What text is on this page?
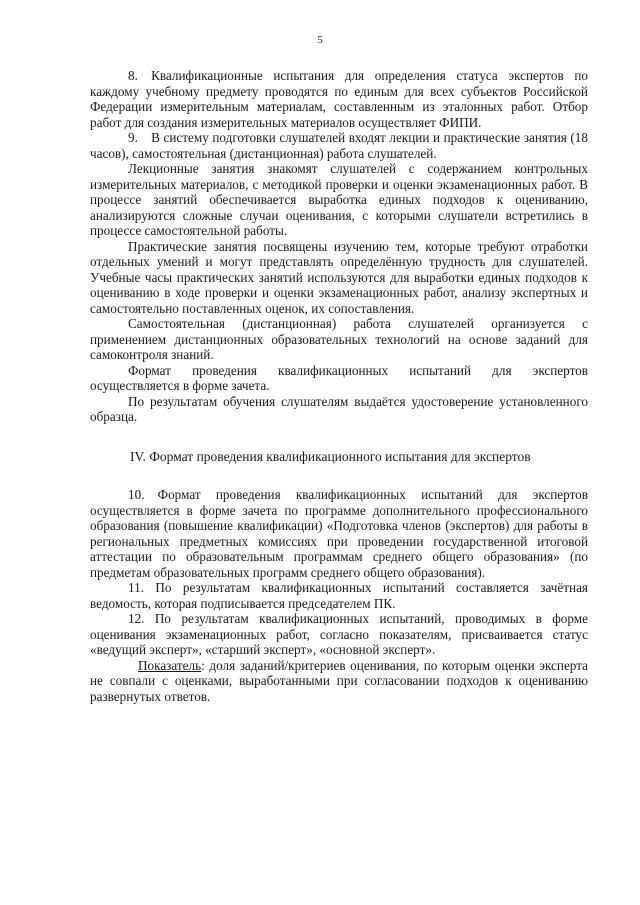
5

8. Квалификационные испытания для определения статуса экспертов по каждому учебному предмету проводятся по единым для всех субъектов Российской Федерации измерительным материалам, составленным из эталонных работ. Отбор работ для создания измерительных материалов осуществляет ФИПИ.

9. В систему подготовки слушателей входят лекции и практические занятия (18 часов), самостоятельная (дистанционная) работа слушателей.

Лекционные занятия знакомят слушателей с содержанием контрольных измерительных материалов, с методикой проверки и оценки экзаменационных работ. В процессе занятий обеспечивается выработка единых подходов к оцениванию, анализируются сложные случаи оценивания, с которыми слушатели встретились в процессе самостоятельной работы.

Практические занятия посвящены изучению тем, которые требуют отработки отдельных умений и могут представлять определённую трудность для слушателей. Учебные часы практических занятий используются для выработки единых подходов к оцениванию в ходе проверки и оценки экзаменационных работ, анализу экспертных и самостоятельно поставленных оценок, их сопоставления.

Самостоятельная (дистанционная) работа слушателей организуется с применением дистанционных образовательных технологий на основе заданий для самоконтроля знаний.

Формат проведения квалификационных испытаний для экспертов осуществляется в форме зачета.

По результатам обучения слушателям выдаётся удостоверение установленного образца.

IV. Формат проведения квалификационного испытания для экспертов

10. Формат проведения квалификационных испытаний для экспертов осуществляется в форме зачета по программе дополнительного профессионального образования (повышение квалификации) «Подготовка членов (экспертов) для работы в региональных предметных комиссиях при проведении государственной итоговой аттестации по образовательным программам среднего общего образования» (по предметам образовательных программ среднего общего образования).

11. По результатам квалификационных испытаний составляется зачётная ведомость, которая подписывается председателем ПК.

12. По результатам квалификационных испытаний, проводимых в форме оценивания экзаменационных работ, согласно показателям, присваивается статус «ведущий эксперт», «старший эксперт», «основной эксперт».

Показатель: доля заданий/критериев оценивания, по которым оценки эксперта не совпали с оценками, выработанными при согласовании подходов к оцениванию развернутых ответов.
